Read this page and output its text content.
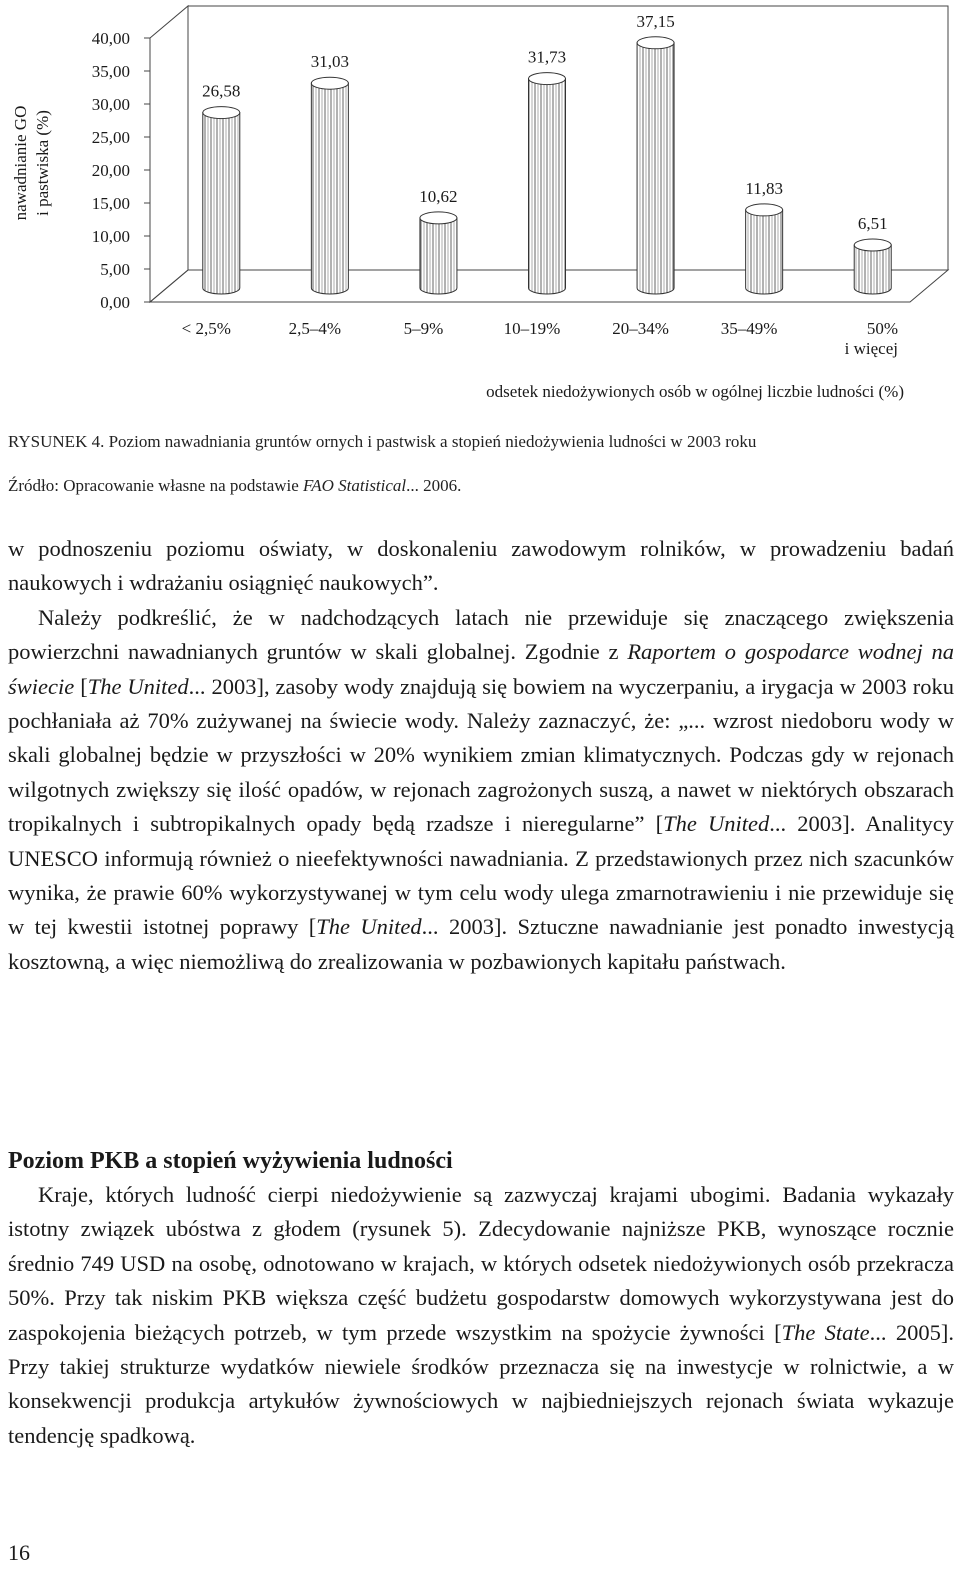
0,00
5,00
10,00
15,00
20,00
25,00
30,00
35,00
40,00
26,58
31,03
10,62
31,73
37,15
11,83
6,51
< 2,5%	2,5–4%	5–9%	10–19%	20–34%	35–49%	50% i więcej
nawadnianie GO i pastwiska (%)
odsetek niedożywionych osób w ogólnej liczbie ludności (%)
RYSUNEK 4. Poziom nawadniania gruntów ornych i pastwisk a stopień niedożywienia ludności w 2003 roku
Źródło: Opracowanie własne na podstawie FAO Statistical... 2006.

w podnoszeniu poziomu oświaty, w doskonaleniu zawodowym rolników, w prowadzeniu badań naukowych i wdrażaniu osiągnięć naukowych”.

Należy podkreślić, że w nadchodzących latach nie przewiduje się znaczącego zwiększenia powierzchni nawadnianych gruntów w skali globalnej. Zgodnie z Raportem o gospodarce wodnej na świecie [The United... 2003], zasoby wody znajdują się bowiem na wyczerpaniu, a irygacja w 2003 roku pochłaniała aż 70% zużywanej na świecie wody. Należy zaznaczyć, że: „... wzrost niedoboru wody w skali globalnej będzie w przyszłości w 20% wynikiem zmian klimatycznych. Podczas gdy w rejonach wilgotnych zwiększy się ilość opadów, w rejonach zagrożonych suszą, a nawet w niektórych obszarach tropikalnych i subtropikalnych opady będą rzadsze i nieregularne” [The United... 2003]. Analitycy UNESCO informują również o nieefektywności nawadniania. Z przedstawionych przez nich szacunków wynika, że prawie 60% wykorzystywanej w tym celu wody ulega zmarnotrawieniu i nie przewiduje się w tej kwestii istotnej poprawy [The United... 2003]. Sztuczne nawadnianie jest ponadto inwestycją kosztowną, a więc niemożliwą do zrealizowania w pozbawionych kapitału państwach.

Poziom PKB a stopień wyżywienia ludności

Kraje, których ludność cierpi niedożywienie są zazwyczaj krajami ubogimi. Badania wykazały istotny związek ubóstwa z głodem (rysunek 5). Zdecydowanie najniższe PKB, wynoszące rocznie średnio 749 USD na osobę, odnotowano w krajach, w których odsetek niedożywionych osób przekracza 50%. Przy tak niskim PKB większa część budżetu gospodarstw domowych wykorzystywana jest do zaspokojenia bieżących potrzeb, w tym przede wszystkim na spożycie żywności [The State... 2005]. Przy takiej strukturze wydatków niewiele środków przeznacza się na inwestycje w rolnictwie, a w konsekwencji produkcja artykułów żywnościowych w najbiedniejszych rejonach świata wykazuje tendencję spadkową.

16
